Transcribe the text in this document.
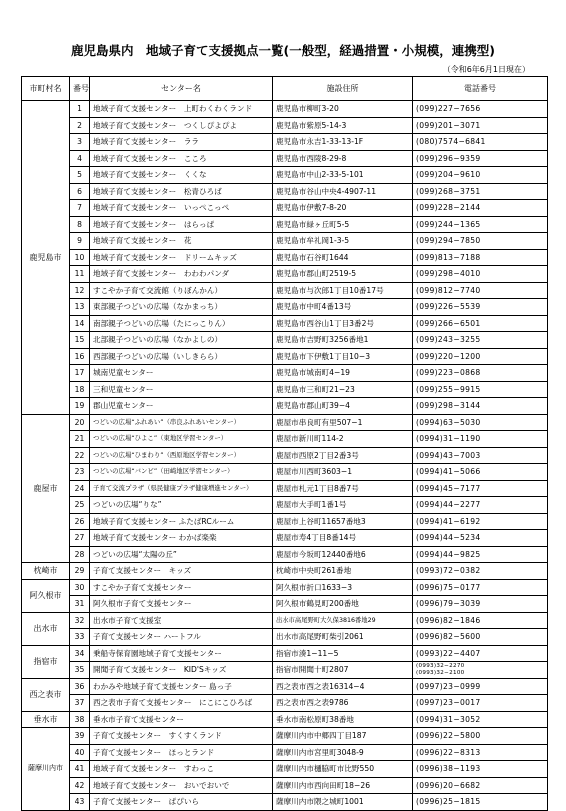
鹿児島県内　地域子育て支援拠点一覧(一般型，経過措置・小規模，連携型)
（令和6年6月1日現在）
市町村名	番号	センター名	施設住所	電話番号
鹿児島市	1	地域子育て支援センター　上町わくわくランド	鹿児島市柳町3-20	(099)227−7656
	2	地域子育て支援センター　つくしぴよぴよ	鹿児島市紫原5-14-3	(099)201−3071
	3	地域子育て支援センター　ララ	鹿児島市永吉1-33-13-1F	(080)7574−6841
	4	地域子育て支援センター　こころ	鹿児島市西陵8-29-8	(099)296−9359
	5	地域子育て支援センター　くくな	鹿児島市中山2-33-5-101	(099)204−9610
	6	地域子育て支援センター　松青ひろば	鹿児島市谷山中央4-4907-11	(099)268−3751
	7	地域子育て支援センター　いっぺこっぺ	鹿児島市伊敷7-8-20	(099)228−2144
	8	地域子育て支援センター　はらっぱ	鹿児島市緑ヶ丘町5-5	(099)244−1365
	9	地域子育て支援センター　花	鹿児島市牟礼岡1-3-5	(099)294−7850
	10	地域子育て支援センター　ドリームキッズ	鹿児島市石谷町1644	(099)813−7188
	11	地域子育て支援センター　わわわパンダ	鹿児島市郡山町2519-5	(099)298−4010
	12	すこやか子育て交流館（りぼんかん）	鹿児島市与次郎1丁目10番17号	(099)812−7740
	13	東部親子つどいの広場（なかまっち）	鹿児島市中町4番13号	(099)226−5539
	14	南部親子つどいの広場（たにっこりん）	鹿児島市西谷山1丁目3番2号	(099)266−6501
	15	北部親子つどいの広場（なかよしの）	鹿児島市吉野町3256番地1	(099)243−3255
	16	西部親子つどいの広場（いしきらら）	鹿児島市下伊敷1丁目10−3	(099)220−1200
	17	城南児童センター	鹿児島市城南町4−19	(099)223−0868
	18	三和児童センター	鹿児島市三和町21−23	(099)255−9915
	19	郡山児童センター	鹿児島市郡山町39−4	(099)298−3144
鹿屋市	20	つどいの広場“ふれあい”（串良ふれあいセンター）	鹿屋市串良町有里507−1	(0994)63−5030
	21	つどいの広場“ひよこ”（東地区学習センター）	鹿屋市新川町114-2	(0994)31−1190
	22	つどいの広場“ひまわり”（西原地区学習センター）	鹿屋市西原2丁目2番3号	(0994)43−7003
	23	つどいの広場“バンビ”（田崎地区学習センター）	鹿屋市川西町3603−1	(0994)41−5066
	24	子育て交流プラザ（県民健康プラザ健康増進センター）	鹿屋市札元1丁目8番7号	(0994)45−7177
	25	つどいの広場“りな”	鹿屋市大手町1番1号	(0994)44−2277
	26	地域子育て支援センター ふたばRCルーム	鹿屋市上谷町11657番地3	(0994)41−6192
	27	地域子育て支援センター わかば楽楽	鹿屋市寿4丁目8番14号	(0994)44−5234
	28	つどいの広場“太陽の丘”	鹿屋市今坂町12440番地6	(0994)44−9825
枕崎市	29	子育て支援センター　キッズ	枕崎市中央町261番地	(0993)72−0382
阿久根市	30	すこやか子育て支援センター	阿久根市折口1633−3	(0996)75−0177
	31	阿久根市子育て支援センター	阿久根市鶴見町200番地	(0996)79−3039
出水市	32	出水市子育て支援室	出水市高尾野町大久保3816番地29	(0996)82−1846
	33	子育て支援センター ハートフル	出水市高尾野町柴引2061	(0996)82−5600
指宿市	34	乗船寺保育園地域子育て支援センター	指宿市湊1−11−5	(0993)22−4407
	35	開聞子育て支援センター　KID'Sキッズ	指宿市開聞十町2807	(0993)32−2270
(0993)32−2100

西之表市	36	わかみや地域子育て支援センター 島っ子	西之表市西之表16314−4	(0997)23−0999
	37	西之表市子育て支援センター　にこにこひろば	西之表市西之表9786	(0997)23−0017
垂水市	38	垂水市子育て支援センター	垂水市南松原町38番地	(0994)31−3052
薩摩川内市	39	子育て支援センター　すくすくランド	薩摩川内市中郷四丁目187	(0996)22−5800
	40	子育て支援センター　ほっとランド	薩摩川内市宮里町3048-9	(0996)22−8313
	41	地域子育て支援センター　すわっこ	薩摩川内市樋脇町市比野550	(0996)38−1193
	42	地域子育て支援センター　おいでおいで	薩摩川内市西向田町18−26	(0996)20−6682
	43	子育て支援センター　ぱぴいら	薩摩川内市隈之城町1001	(0996)25−1815
